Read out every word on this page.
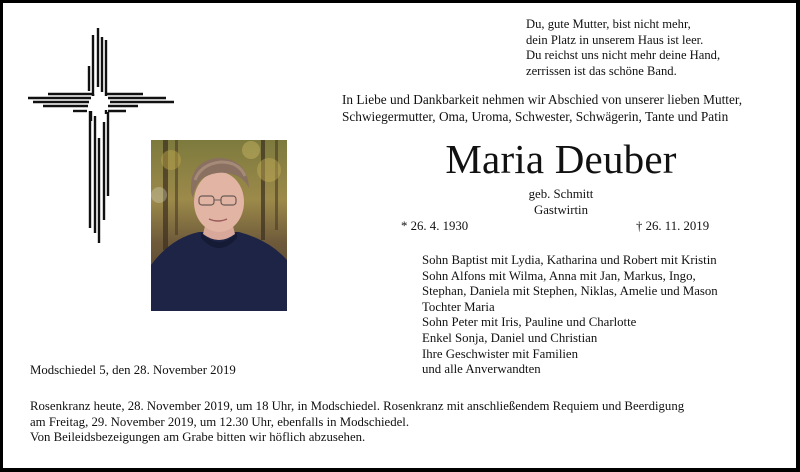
Du, gute Mutter, bist nicht mehr,
dein Platz in unserem Haus ist leer.
Du reichst uns nicht mehr deine Hand,
zerrissen ist das schöne Band.
In Liebe und Dankbarkeit nehmen wir Abschied von unserer lieben Mutter,
Schwiegermutter, Oma, Uroma, Schwester, Schwägerin, Tante und Patin
Maria Deuber
geb. Schmitt
Gastwirtin
* 26. 4. 1930	† 26. 11. 2019
Sohn Baptist mit Lydia, Katharina und Robert mit Kristin
Sohn Alfons mit Wilma, Anna mit Jan, Markus, Ingo,
Stephan, Daniela mit Stephen, Niklas, Amelie und Mason
Tochter Maria
Sohn Peter mit Iris, Pauline und Charlotte
Enkel Sonja, Daniel und Christian
Ihre Geschwister mit Familien
und alle Anverwandten
Modschiedel 5, den 28. November 2019
Rosenkranz heute, 28. November 2019, um 18 Uhr, in Modschiedel. Rosenkranz mit anschließendem Requiem und Beerdigung
am Freitag, 29. November 2019, um 12.30 Uhr, ebenfalls in Modschiedel.
Von Beileidsbezeigungen am Grabe bitten wir höflich abzusehen.
